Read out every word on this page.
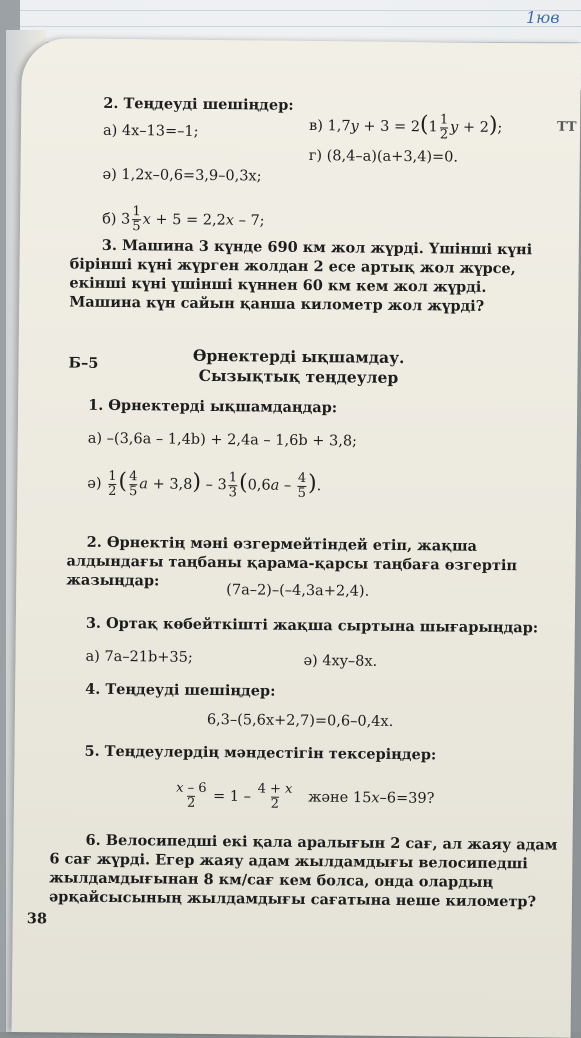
1юв
2. Теңдеуді шешіңдер:
в) $1,7y + 3 = 2(1 \frac{1}{2}$ y + 2);	ТТ
а) 4x–13=–1;
г) (8,4–a)(a+3,4)=0.
ә) 1,2x–0,6=3,9–0,3x;
б) $3 \frac{1}{5}$ x + 5 = 2,2x – 7;
3. Машина 3 күнде 690 км жол жүрді. Үшінші күні бірінші күні жүрген жолдан 2 есе артық жол жүрсе, екінші күні үшінші күннен 60 км кем жол жүрді. Машина күн сайын қанша километр жол жүрді?
Б–5	Өрнектерді ықшамдау.
Сызықтық теңдеулер
1. Өрнектерді ықшамдаңдар:
а) –(3,6a – 1,4b) + 2,4a – 1,6b + 3,8;
$ә) \frac{1}{2}$ ( $\frac{4}{5}$ $a + 3,8) - 3 \frac{1}{3} (0,6a - \frac{4}{5}$ ).
2. Өрнектің мәні өзгермейтіндей етіп, жақша алдындағы таңбаны қарама-қарсы таңбаға өзгертіп жазыңдар:
(7a–2)–(–4,3a+2,4).
3. Ортақ көбейткішті жақша сыртына шығарыңдар:
а) 7a–21b+35;	ә) 4xy–8x.
4. Теңдеуді шешіңдер:
6,3–(5,6x+2,7)=0,6–0,4x.
5. Теңдеулердің мәндестігін тексеріңдер:
$\frac{x - 6}{2} = 1 - \frac{4 + x}{2}$ және 15x–6=39?
6. Велосипедші екі қала аралығын 2 сағ, ал жаяу адам 6 сағ жүрді. Егер жаяу адам жылдамдығы велосипедші жылдамдығынан 8 км/сағ кем болса, онда олардың әрқайсысының жылдамдығы сағатына неше километр?
38
